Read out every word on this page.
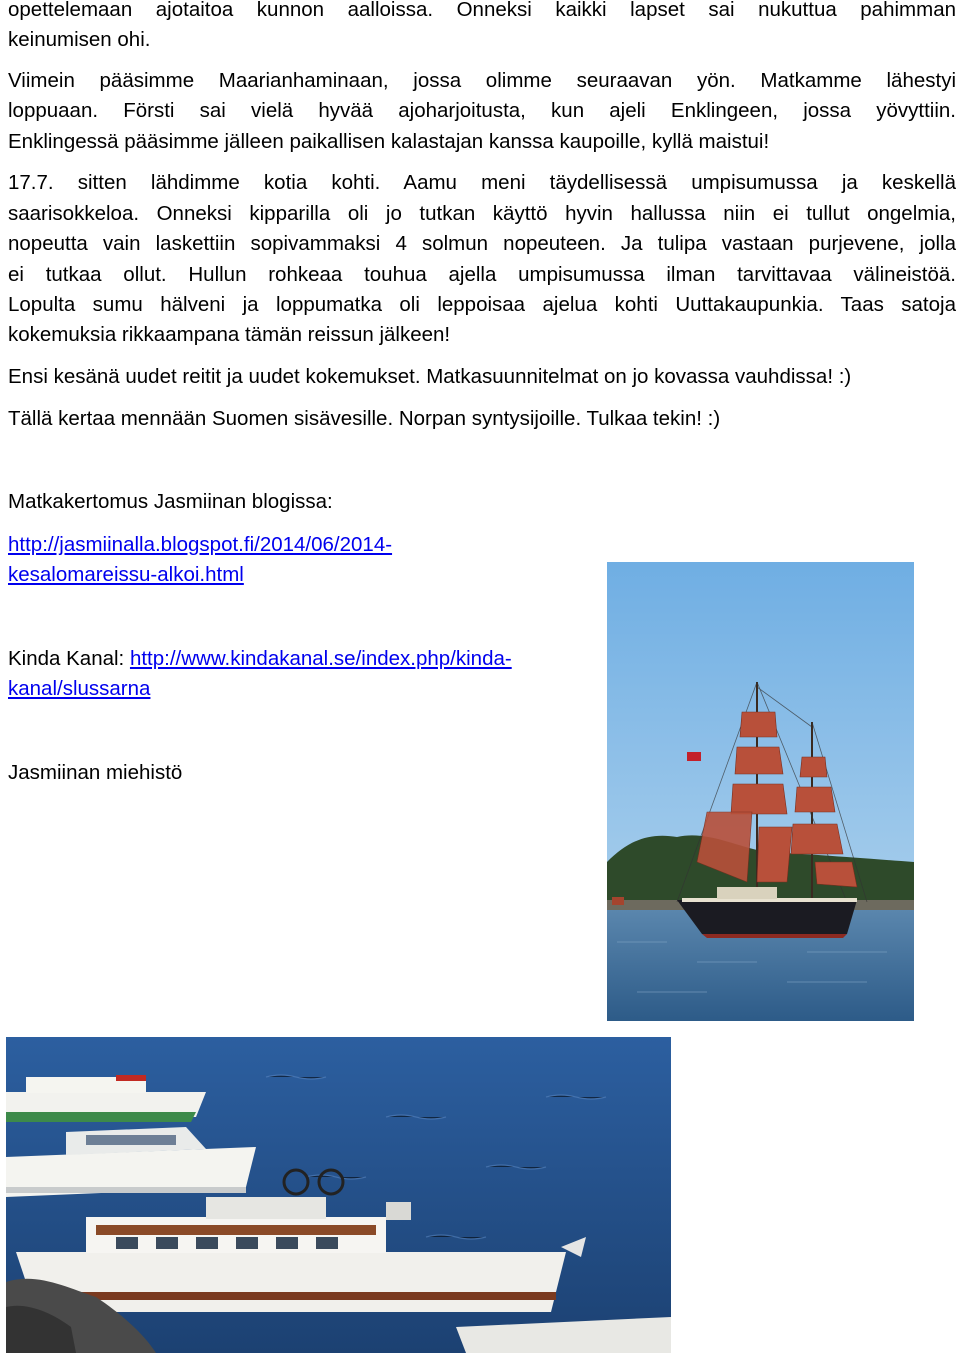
opettelemaan ajotaitoa kunnon aalloissa. Onneksi kaikki lapset sai nukuttua pahimman

keinumisen ohi.

Viimein pääsimme Maarianhaminaan, jossa olimme seuraavan yön. Matkamme lähestyi

loppuaan. Försti sai vielä hyvää ajoharjoitusta, kun ajeli Enklingeen, jossa yövyttiin.

Enklingessä pääsimme jälleen paikallisen kalastajan kanssa kaupoille, kyllä maistui!

17.7. sitten lähdimme kotia kohti. Aamu meni täydellisessä umpisumussa ja keskellä

saarisokkeloa. Onneksi kipparilla oli jo tutkan käyttö hyvin hallussa niin ei tullut ongelmia,

nopeutta vain laskettiin sopivammaksi 4 solmun nopeuteen. Ja tulipa vastaan purjevene, jolla

ei tutkaa ollut. Hullun rohkeaa touhua ajella umpisumussa ilman tarvittavaa välineistöä.

Lopulta sumu hälveni ja loppumatka oli leppoisaa ajelua kohti Uuttakaupunkia. Taas satoja

kokemuksia rikkaampana tämän reissun jälkeen!

Ensi kesänä uudet reitit ja uudet kokemukset. Matkasuunnitelmat on jo kovassa vauhdissa! :)

Tällä kertaa mennään Suomen sisävesille. Norpan syntysijoille. Tulkaa tekin! :)

Matkakertomus Jasmiinan blogissa:

http://jasmiinalla.blogspot.fi/2014/06/2014-

kesalomareissu-alkoi.html

Kinda Kanal: http://www.kindakanal.se/index.php/kinda-

kanal/slussarna

Jasmiinan miehistö
